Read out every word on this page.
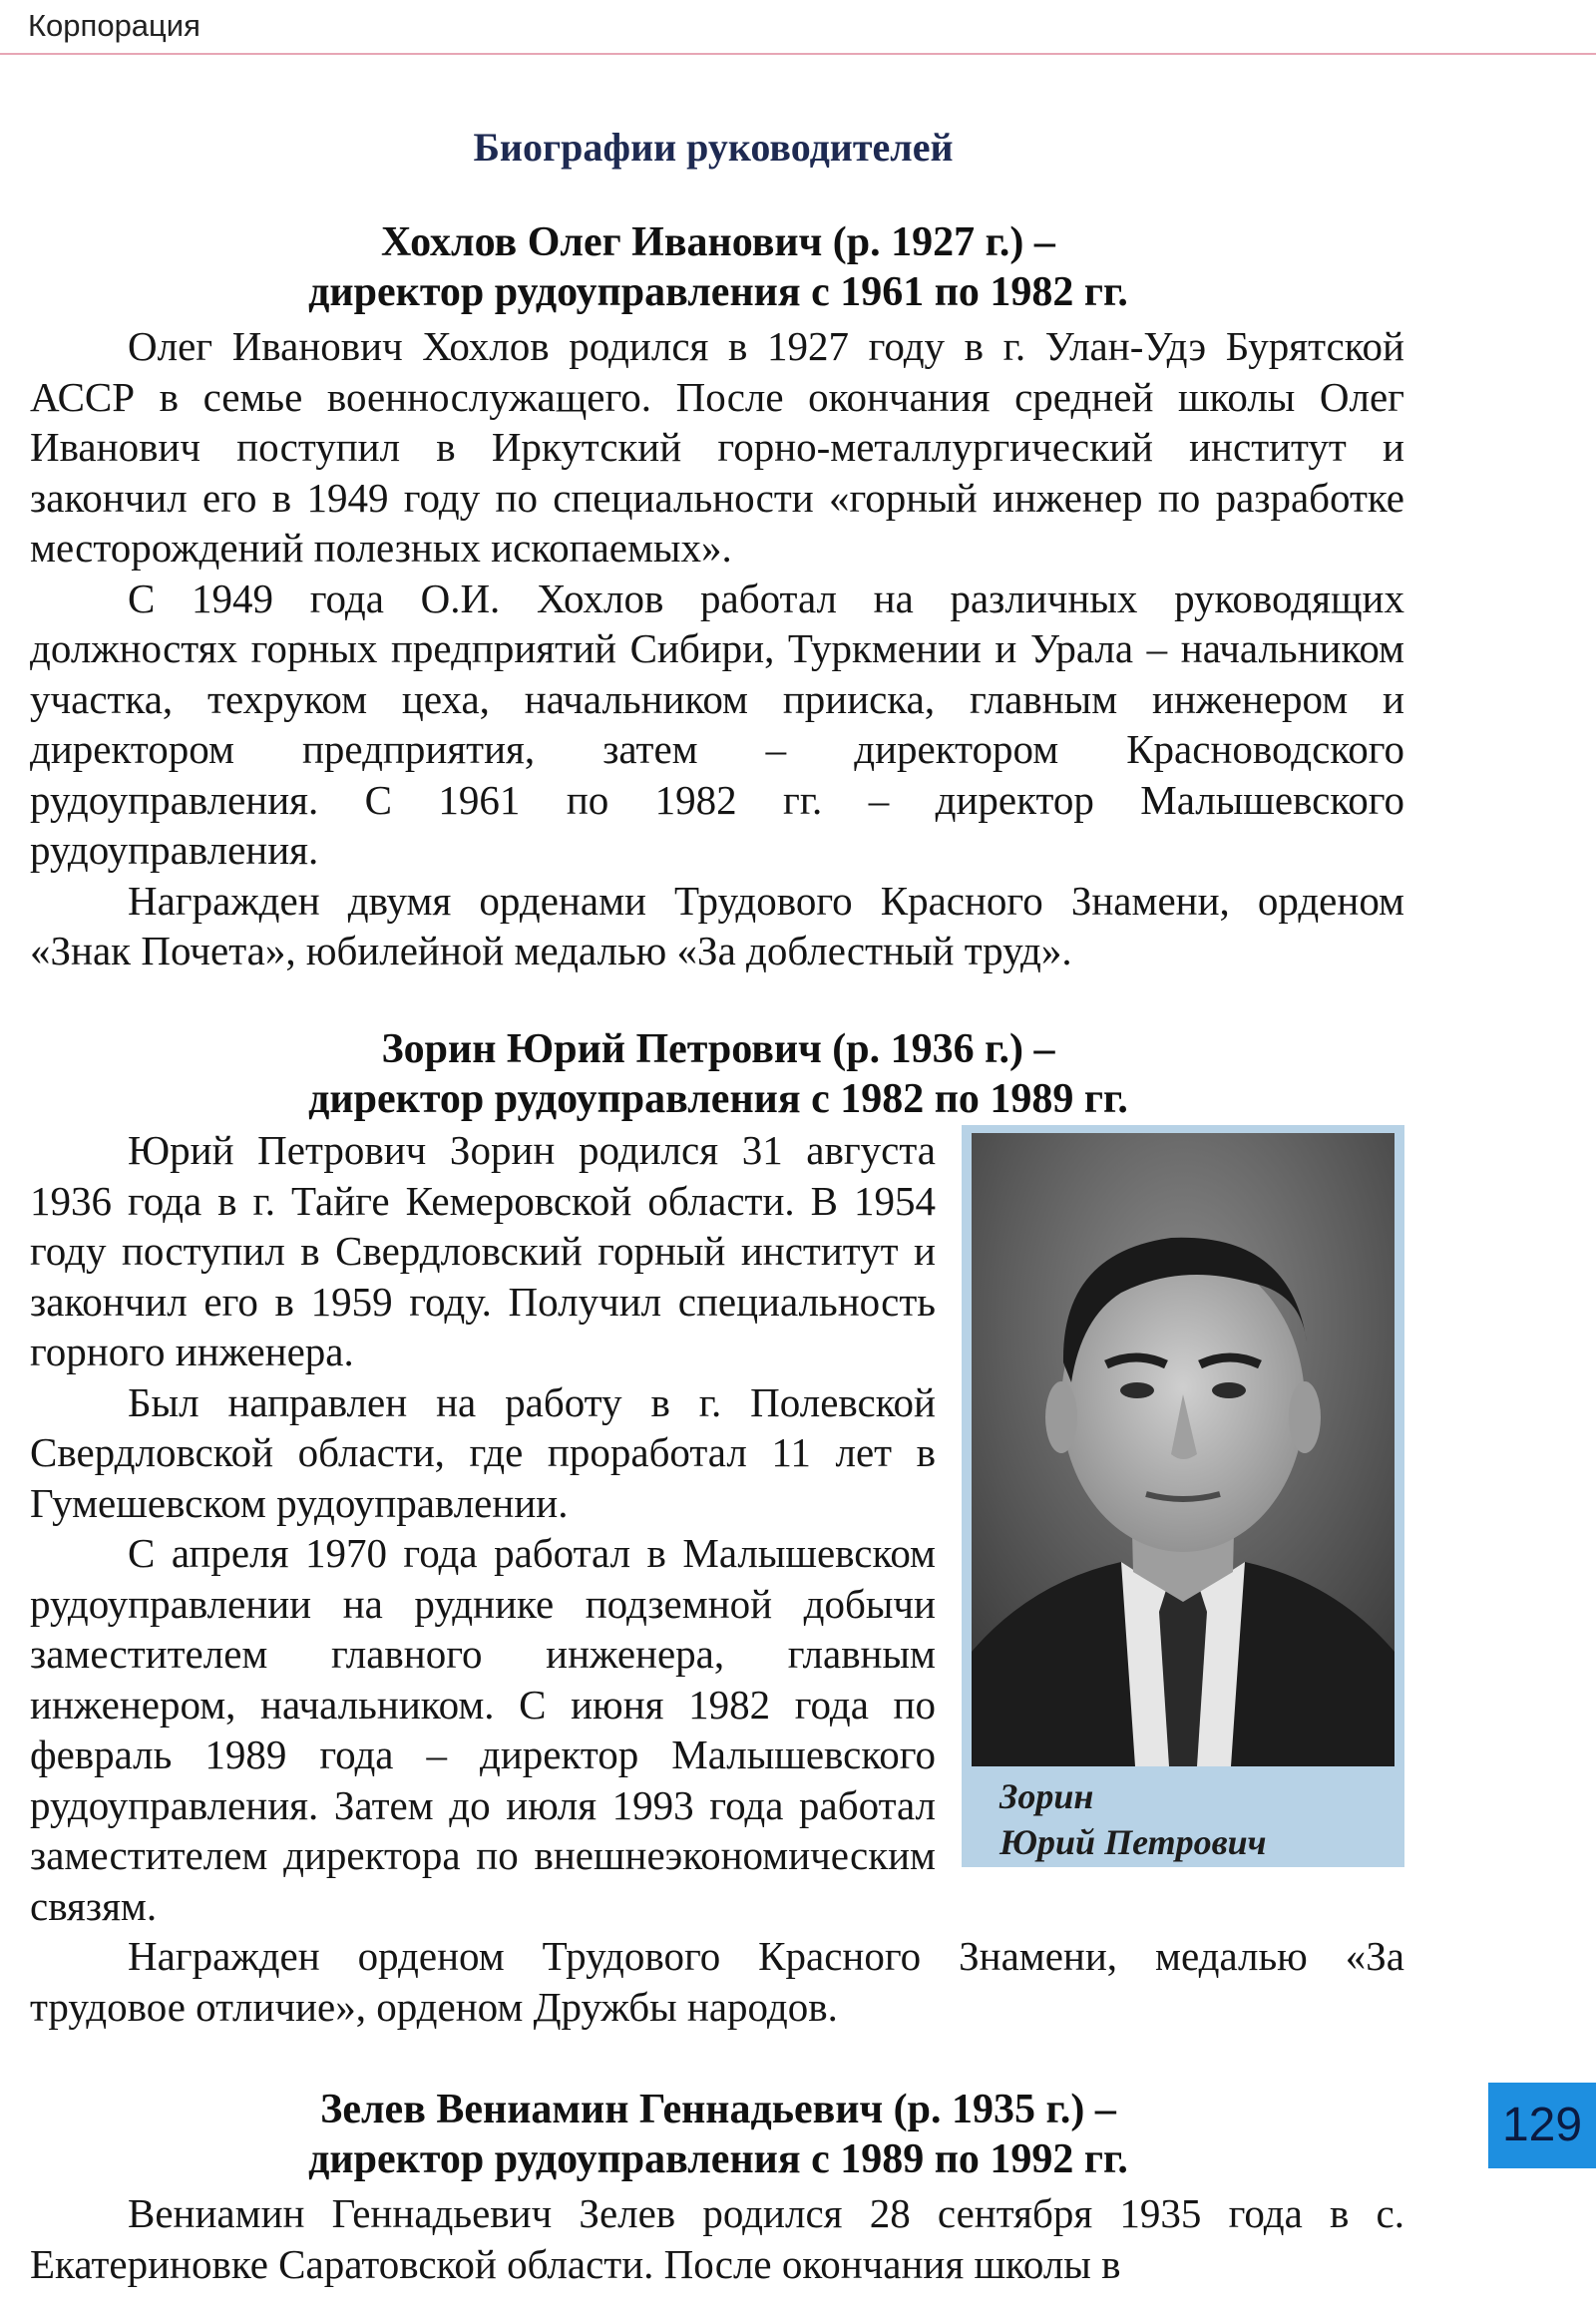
Корпорация
Биографии руководителей
Хохлов Олег Иванович (р. 1927 г.) –
директор рудоуправления с 1961 по 1982 гг.

Олег Иванович Хохлов родился в 1927 году в г. Улан-Удэ Бурятской АССР в семье военнослужащего. После окончания средней школы Олег Иванович поступил в Иркутский горно-металлургический институт и закончил его в 1949 году по специальности «горный инженер по разработке месторождений полезных ископаемых».

С 1949 года О.И. Хохлов работал на различных руководящих должностях горных предприятий Сибири, Туркмении и Урала – начальником участка, техруком цеха, начальником прииска, главным инженером и директором предприятия, затем – директором Красноводского рудоуправления. С 1961 по 1982 гг. – директор Малышевского рудоуправления.

Награжден двумя орденами Трудового Красного Знамени, орденом «Знак Почета», юбилейной медалью «За доблестный труд».

Зорин Юрий Петрович (р. 1936 г.) –
директор рудоуправления с 1982 по 1989 гг.
Зорин
Юрий Петрович

Юрий Петрович Зорин родился 31 августа 1936 года в г. Тайге Кемеровской области. В 1954 году поступил в Свердловский горный институт и закончил его в 1959 году. Получил специальность горного инженера.

Был направлен на работу в г. Полевской Свердловской области, где проработал 11 лет в Гумешевском рудоуправлении.

С апреля 1970 года работал в Малышевском рудоуправлении на руднике подземной добычи заместителем главного инженера, главным инженером, начальником. С июня 1982 года по февраль 1989 года – директор Малышевского рудоуправления. Затем до июля 1993 года работал заместителем директора по внешнеэкономическим связям.

Награжден орденом Трудового Красного Знамени, медалью «За трудовое отличие», орденом Дружбы народов.

Зелев Вениамин Геннадьевич (р. 1935 г.) –
директор рудоуправления с 1989 по 1992 гг.

Вениамин Геннадьевич Зелев родился 28 сентября 1935 года в с. Екатериновке Саратовской области. После окончания школы в

129
